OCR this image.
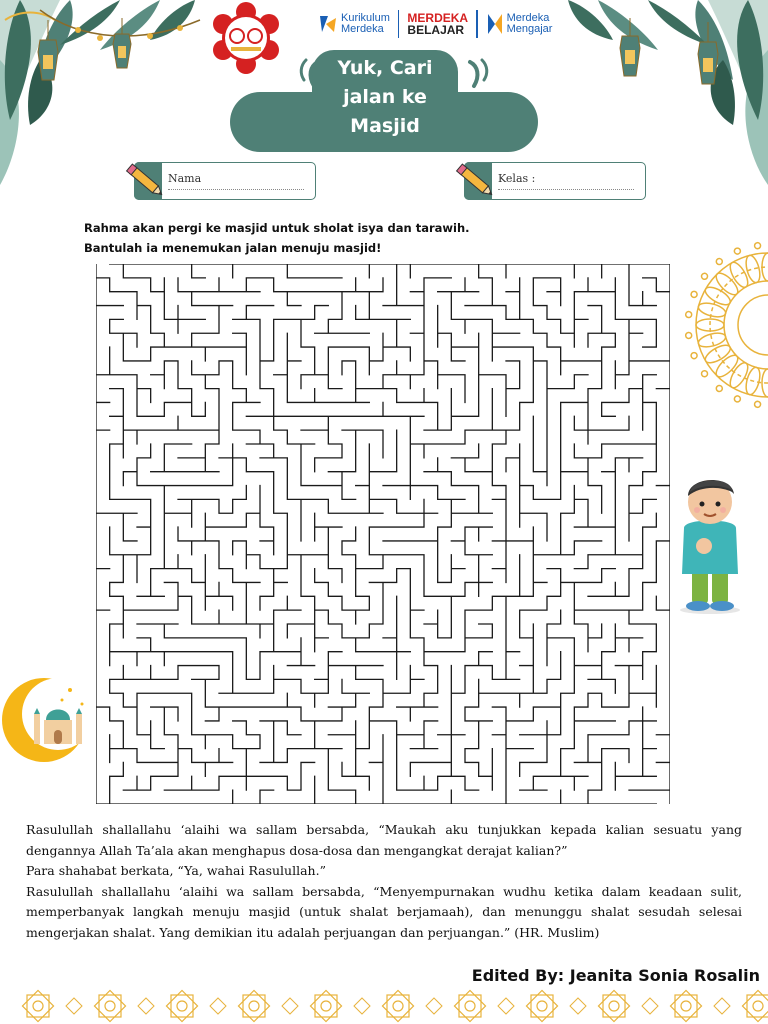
Kurikulum
Merdeka
MERDEKA
BELAJAR
Merdeka
Mengajar
Yuk, Cari
jalan ke
Masjid
Nama	Kelas :
Rahma akan pergi ke masjid untuk sholat isya dan tarawih.
Bantulah ia menemukan jalan menuju masjid!

Rasulullah shallallahu ‘alaihi wa sallam bersabda, “Maukah aku tunjukkan kepada kalian sesuatu yang dengannya Allah Ta’ala akan menghapus dosa-dosa dan mengangkat derajat kalian?”

Para shahabat berkata, “Ya, wahai Rasulullah.”

Rasulullah shallallahu ‘alaihi wa sallam bersabda, “Menyempurnakan wudhu ketika dalam keadaan sulit, memperbanyak langkah menuju masjid (untuk shalat berjamaah), dan menunggu shalat sesudah selesai mengerjakan shalat. Yang demikian itu adalah perjuangan dan perjuangan.” (HR. Muslim)

Edited By: Jeanita Sonia Rosalin
